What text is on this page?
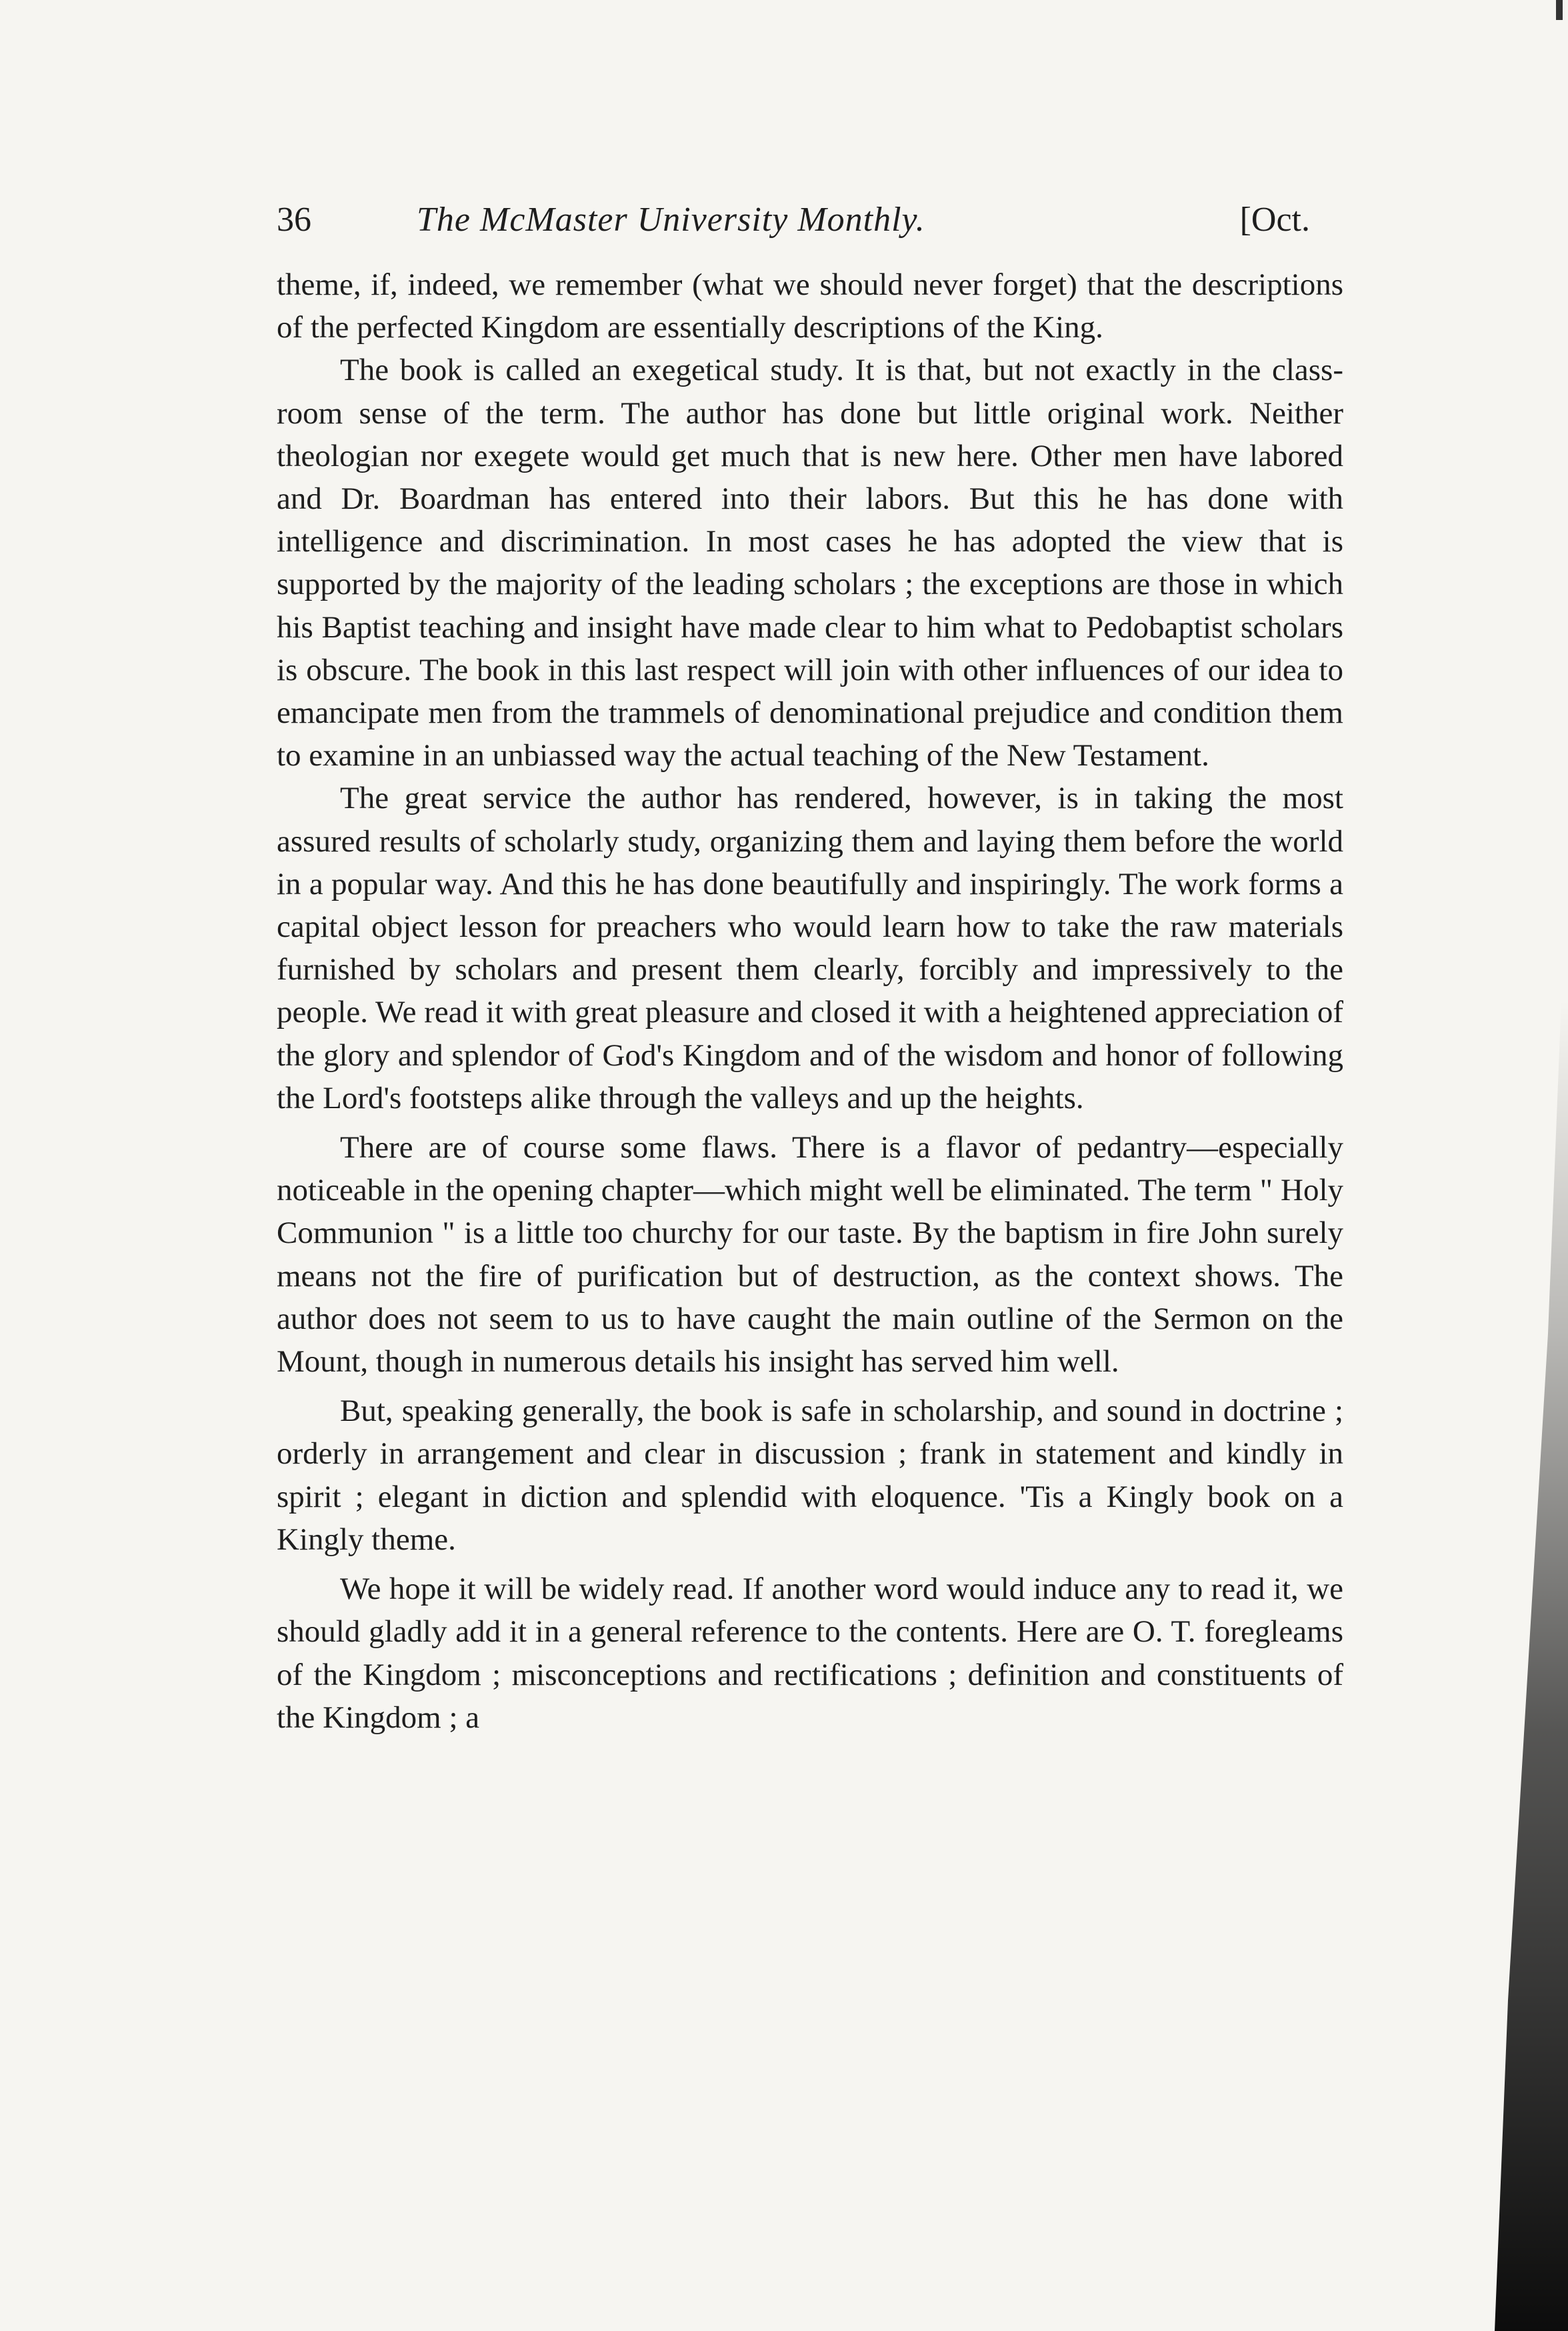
36	The McMaster University Monthly.	[Oct.

theme, if, indeed, we remember (what we should never forget) that the descriptions of the perfected Kingdom are essentially descriptions of the King.

The book is called an exegetical study. It is that, but not exactly in the class-room sense of the term. The author has done but little original work. Neither theologian nor exegete would get much that is new here. Other men have labored and Dr. Boardman has entered into their labors. But this he has done with intelligence and discrimination. In most cases he has adopted the view that is supported by the majority of the leading scholars ; the exceptions are those in which his Baptist teaching and insight have made clear to him what to Pedobaptist scholars is obscure. The book in this last respect will join with other influences of our idea to emancipate men from the trammels of denominational prejudice and condition them to examine in an unbiassed way the actual teaching of the New Testament.

The great service the author has rendered, however, is in taking the most assured results of scholarly study, organizing them and laying them before the world in a popular way. And this he has done beautifully and inspiringly. The work forms a capital object lesson for preachers who would learn how to take the raw materials furnished by scholars and present them clearly, forcibly and impressively to the people. We read it with great pleasure and closed it with a heightened appreciation of the glory and splendor of God's Kingdom and of the wisdom and honor of following the Lord's footsteps alike through the valleys and up the heights.

There are of course some flaws. There is a flavor of pedantry—especially noticeable in the opening chapter—which might well be eliminated. The term " Holy Communion " is a little too churchy for our taste. By the baptism in fire John surely means not the fire of purification but of destruction, as the context shows. The author does not seem to us to have caught the main outline of the Sermon on the Mount, though in numerous details his insight has served him well.

But, speaking generally, the book is safe in scholarship, and sound in doctrine ; orderly in arrangement and clear in discussion ; frank in statement and kindly in spirit ; elegant in diction and splendid with eloquence. 'Tis a Kingly book on a Kingly theme.

We hope it will be widely read. If another word would induce any to read it, we should gladly add it in a general reference to the contents. Here are O. T. foregleams of the Kingdom ; misconceptions and rectifications ; definition and constituents of the Kingdom ; a
